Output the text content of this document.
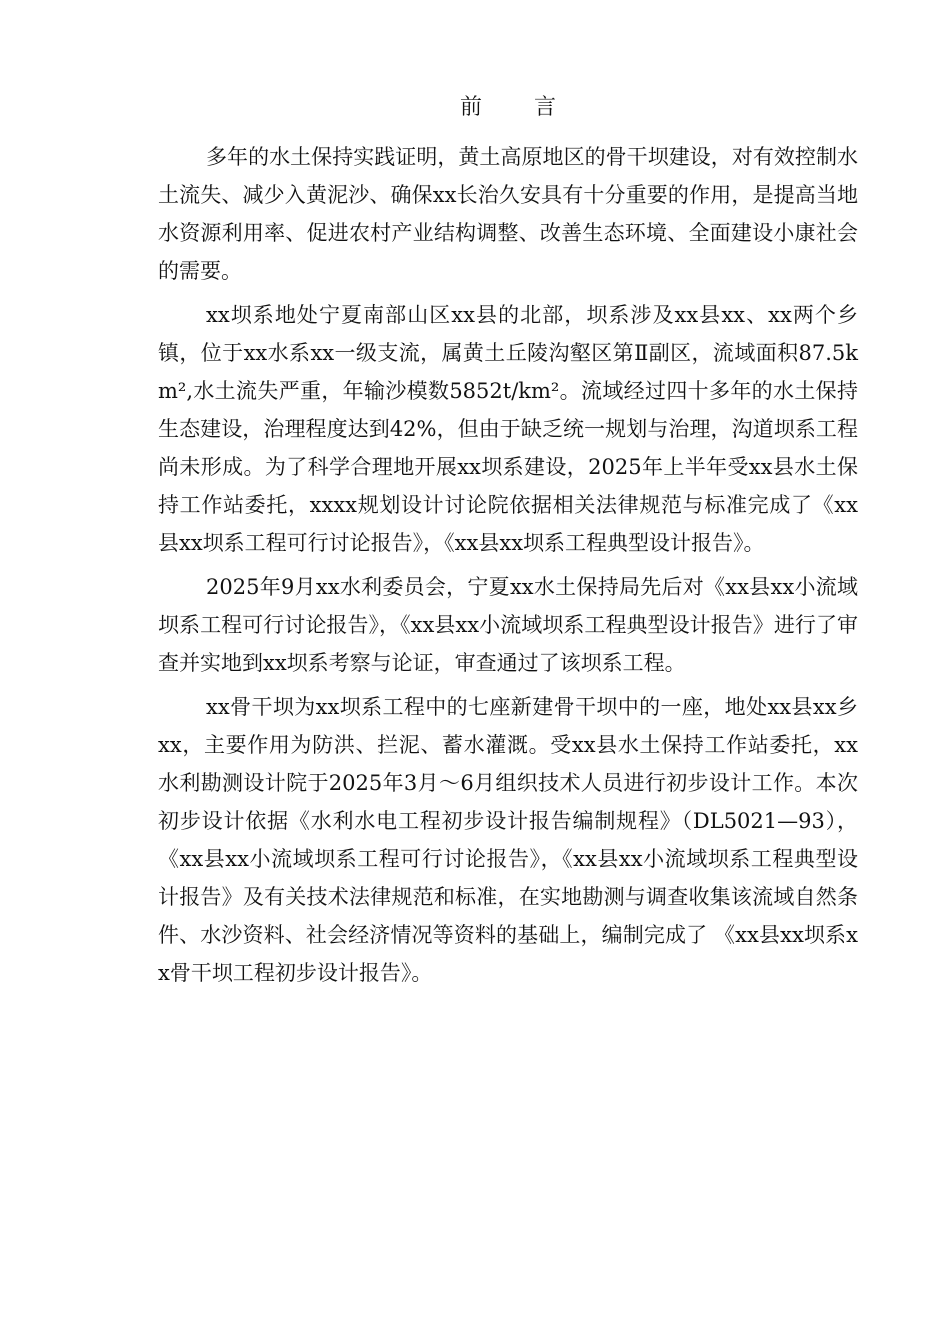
前言

多年的水土保持实践证明，黄土高原地区的骨干坝建设，对有效控制水土流失、减少入黄泥沙、确保xx长治久安具有十分重要的作用，是提高当地水资源利用率、促进农村产业结构调整、改善生态环境、全面建设小康社会的需要。

xx坝系地处宁夏南部山区xx县的北部，坝系涉及xx县xx、xx两个乡镇，位于xx水系xx一级支流，属黄土丘陵沟壑区第Ⅱ副区，流域面积87.5km²,水土流失严重，年输沙模数5852t/km²。流域经过四十多年的水土保持生态建设，治理程度达到42%，但由于缺乏统一规划与治理，沟道坝系工程尚未形成。为了科学合理地开展xx坝系建设，2025年上半年受xx县水土保持工作站委托，xxxx规划设计讨论院依据相关法律规范与标准完成了《xx县xx坝系工程可行讨论报告》，《xx县xx坝系工程典型设计报告》。

2025年9月xx水利委员会，宁夏xx水土保持局先后对《xx县xx小流域坝系工程可行讨论报告》，《xx县xx小流域坝系工程典型设计报告》进行了审查并实地到xx坝系考察与论证，审查通过了该坝系工程。

xx骨干坝为xx坝系工程中的七座新建骨干坝中的一座，地处xx县xx乡xx，主要作用为防洪、拦泥、蓄水灌溉。受xx县水土保持工作站委托，xx水利勘测设计院于2025年3月～6月组织技术人员进行初步设计工作。本次初步设计依据《水利水电工程初步设计报告编制规程》（DL5021—93），《xx县xx小流域坝系工程可行讨论报告》，《xx县xx小流域坝系工程典型设计报告》及有关技术法律规范和标准，在实地勘测与调查收集该流域自然条件、水沙资料、社会经济情况等资料的基础上，编制完成了 《xx县xx坝系xx骨干坝工程初步设计报告》。
